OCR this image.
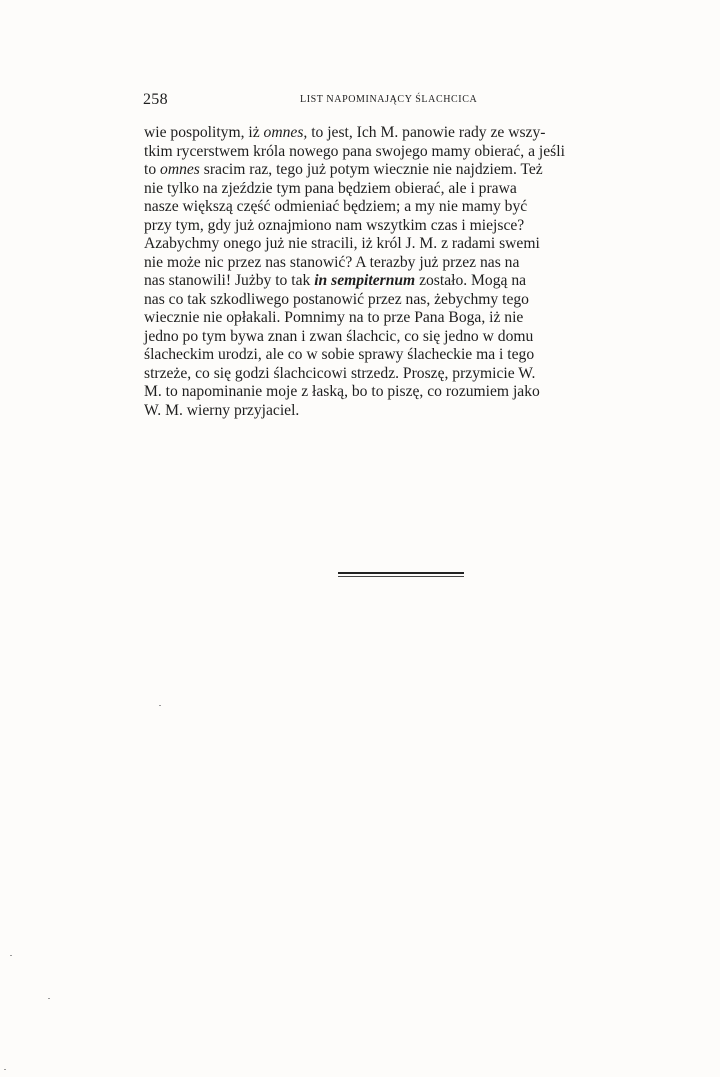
258	LIST NAPOMINAJĄCY ŚLACHCICA
wie pospolitym, iż omnes, to jest, Ich M. panowie rady ze wszy-
tkim rycerstwem króla nowego pana swojego mamy obierać, a jeśli
to omnes sracim raz, tego już potym wiecznie nie najdziem. Też
nie tylko na zjeździe tym pana będziem obierać, ale i prawa
nasze większą część odmieniać będziem; a my nie mamy być
przy tym, gdy już oznajmiono nam wszytkim czas i miejsce?
Azabychmy onego już nie stracili, iż król J. M. z radami swemi
nie może nic przez nas stanowić? A terazby już przez nas na
nas stanowili! Jużby to tak in sempiternum zostało. Mogą na
nas co tak szkodliwego postanowić przez nas, żebychmy tego
wiecznie nie opłakali. Pomnimy na to prze Pana Boga, iż nie
jedno po tym bywa znan i zwan ślachcic, co się jedno w domu
ślacheckim urodzi, ale co w sobie sprawy ślacheckie ma i tego
strzeże, co się godzi ślachcicowi strzedz. Proszę, przymicie W.
M. to napominanie moje z łaską, bo to piszę, co rozumiem jako
W. M. wierny przyjaciel.
